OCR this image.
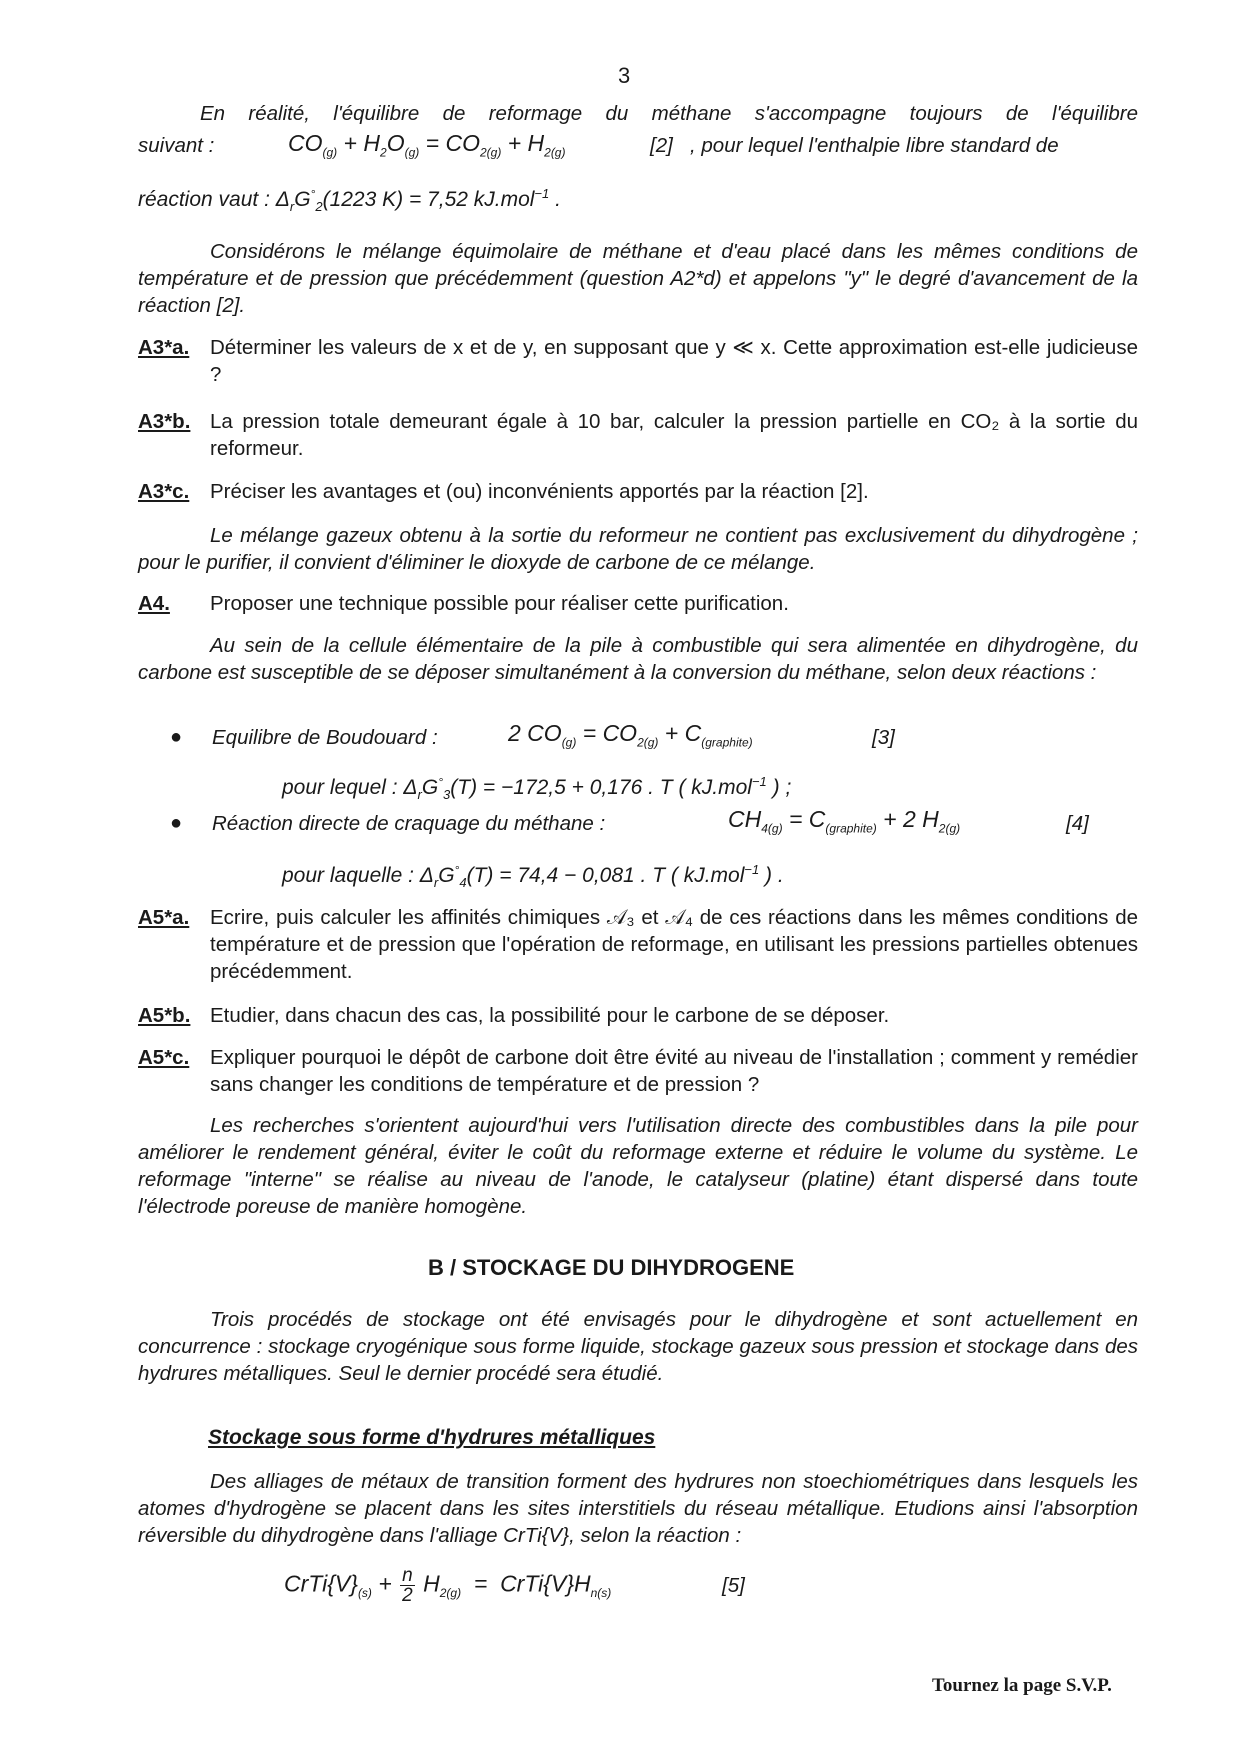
3
En réalité, l'équilibre de reformage du méthane s'accompagne toujours de l'équilibre
suivant :	$CO_{(g)} + H_2O_{(g)} = CO_{2(g)} + H_{2(g)}$	[2] , pour lequel l'enthalpie libre standard de
réaction vaut : $\Delta_rG^\circ_2(1223$ K) = 7,52 kJ.mol$^{-1}$ .
Considérons le mélange équimolaire de méthane et d'eau placé dans les mêmes conditions de température et de pression que précédemment (question A2*d) et appelons "y" le degré d'avancement de la réaction [2].
A3*a. Déterminer les valeurs de x et de y, en supposant que y ≪ x. Cette approximation est-elle judicieuse ?
A3*b. La pression totale demeurant égale à 10 bar, calculer la pression partielle en CO₂ à la sortie du reformeur.
A3*c. Préciser les avantages et (ou) inconvénients apportés par la réaction [2].
Le mélange gazeux obtenu à la sortie du reformeur ne contient pas exclusivement du dihydrogène ; pour le purifier, il convient d'éliminer le dioxyde de carbone de ce mélange.
A4. Proposer une technique possible pour réaliser cette purification.
Au sein de la cellule élémentaire de la pile à combustible qui sera alimentée en dihydrogène, du carbone est susceptible de se déposer simultanément à la conversion du méthane, selon deux réactions :
● Equilibre de Boudouard :	2 $CO_{(g)} = CO_{2(g)} + C_{(graphite)}$	[3]
pour lequel : $\Delta_rG^\circ_3(T) = -172,5 + 0,176$ . T ( kJ.mol$^{-1}$ ) ;
● Réaction directe de craquage du méthane :	$CH_{4(g)} = C_{(graphite)} + 2$ $H_{2(g)}$	[4]
pour laquelle : $\Delta_rG^\circ_4(T) = 74,4 - 0,081$ . T ( kJ.mol$^{-1}$ ) .
A5*a. Ecrire, puis calculer les affinités chimiques 𝒜₃ et 𝒜₄ de ces réactions dans les mêmes conditions de température et de pression que l'opération de reformage, en utilisant les pressions partielles obtenues précédemment.
A5*b. Etudier, dans chacun des cas, la possibilité pour le carbone de se déposer.
A5*c. Expliquer pourquoi le dépôt de carbone doit être évité au niveau de l'installation ; comment y remédier sans changer les conditions de température et de pression ?
Les recherches s'orientent aujourd'hui vers l'utilisation directe des combustibles dans la pile pour améliorer le rendement général, éviter le coût du reformage externe et réduire le volume du système. Le reformage "interne" se réalise au niveau de l'anode, le catalyseur (platine) étant dispersé dans toute l'électrode poreuse de manière homogène.
B / STOCKAGE DU DIHYDROGENE
Trois procédés de stockage ont été envisagés pour le dihydrogène et sont actuellement en concurrence : stockage cryogénique sous forme liquide, stockage gazeux sous pression et stockage dans des hydrures métalliques. Seul le dernier procédé sera étudié.
Stockage sous forme d'hydrures métalliques
Des alliages de métaux de transition forment des hydrures non stoechiométriques dans lesquels les atomes d'hydrogène se placent dans les sites interstitiels du réseau métallique. Etudions ainsi l'absorption réversible du dihydrogène dans l'alliage CrTi{V}, selon la réaction :
$CrTi\{V\}_{(s)} + \frac{n}{2} H_{2(g)}$  =  $CrTi\{V\}H_{n(s)}$	[5]
Tournez la page S.V.P.
